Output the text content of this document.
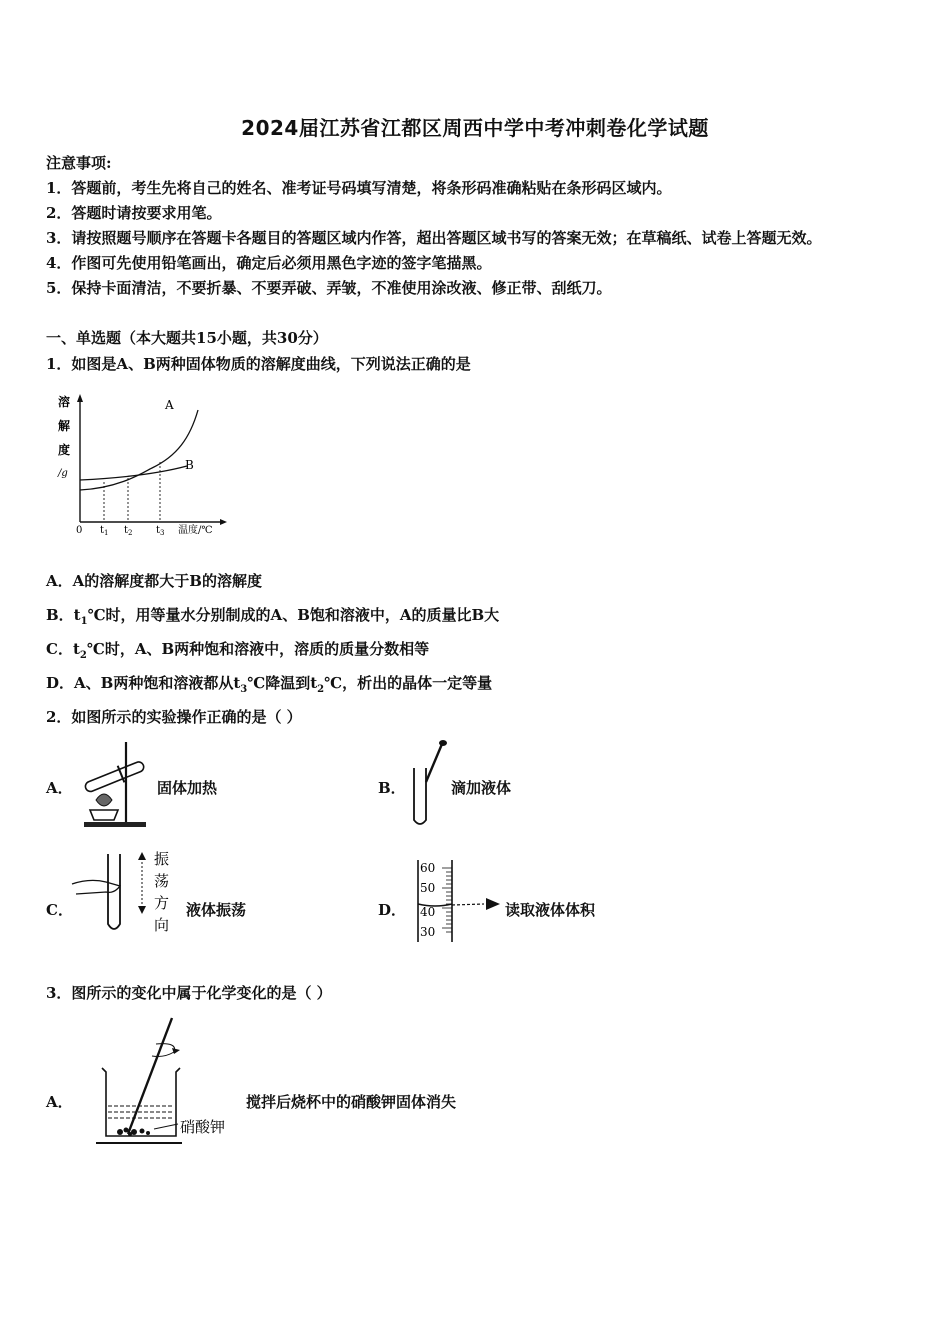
2024届江苏省江都区周西中学中考冲刺卷化学试题
注意事项:
1．答题前，考生先将自己的姓名、准考证号码填写清楚，将条形码准确粘贴在条形码区域内。
2．答题时请按要求用笔。
3．请按照题号顺序在答题卡各题目的答题区域内作答，超出答题区域书写的答案无效；在草稿纸、试卷上答题无效。
4．作图可先使用铅笔画出，确定后必须用黑色字迹的签字笔描黑。
5．保持卡面清洁，不要折暴、不要弄破、弄皱，不准使用涂改液、修正带、刮纸刀。
一、单选题（本大题共15小题，共30分）
1．如图是A、B两种固体物质的溶解度曲线，下列说法正确的是
溶
解
度
/g
A
B
0 $t_1$ $t_2$ $t_3$ 温度/℃
A．A的溶解度都大于B的溶解度
B．$t_1℃$时，用等量水分别制成的A、B饱和溶液中，A的质量比B大
C．$t_2℃$时，A、B两种饱和溶液中，溶质的质量分数相等
D．A、B两种饱和溶液都从$t_3℃$降温到$t_2℃$，析出的晶体一定等量
2．如图所示的实验操作正确的是（ ）
A．	固体加热	B．	滴加液体
C．
振
荡
方
向
液体振荡	D．
60
50
40
30
读取液体体积
3．图所示的变化中属于化学变化的是（ ）
A．
硝酸钾
搅拌后烧杯中的硝酸钾固体消失
